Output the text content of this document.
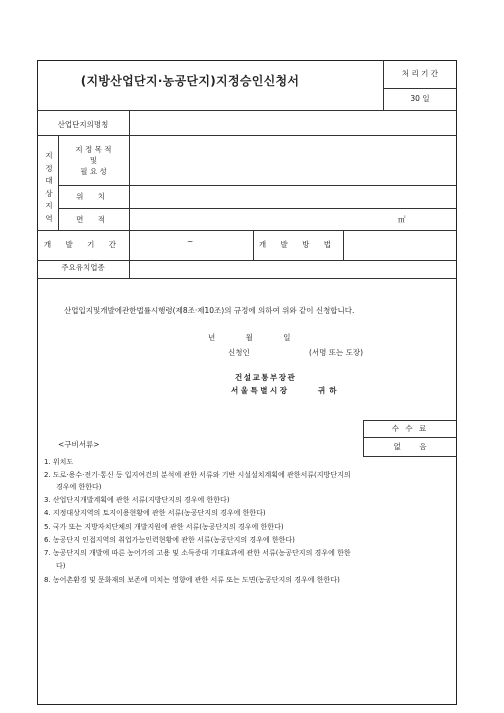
(지방산업단지·농공단지)지정승인신청서
처 리 기 간
30 일
산업단지의명칭
지정대상지역
지 정 목 적
및
필 요 성
위 치
면 적	㎡
개 발 기 간	~	개 발 방 법
주요유치업종
산업입지및개발에관한법률시행령(제8조·제10조)의 규정에 의하여 위와 같이 신청합니다.
년 월 일
신청인	(서명 또는 도장)
건설교통부장관
서울특별시장	귀하
수 수 료
없 음
<구비서류>
1. 위치도
2. 도로·용수·전기·통신 등 입지여건의 분석에 관한 서류와 기반 시설설치계획에 관한서류(지방단지의
경우에 한한다)
3. 산업단지개발계획에 관한 서류(지방단지의 경우에 한한다)
4. 지정대상지역의 토지이용현황에 관한 서류(농공단지의 경우에 한한다)
5. 국가 또는 지방자치단체의 개발지원에 관한 서류(농공단지의 경우에 한한다)
6. 농공단지 인접지역의 취업가능인력현황에 관한 서류(농공단지의 경우에 한한다)
7. 농공단지의 개발에 따른 농어가의 고용 및 소득증대 기대효과에 관한 서류(농공단지의 경우에 한한
다)
8. 농어촌환경 및 문화재의 보존에 미치는 영향에 관한 서류 또는 도면(농공단지의 경우에 한한다)
